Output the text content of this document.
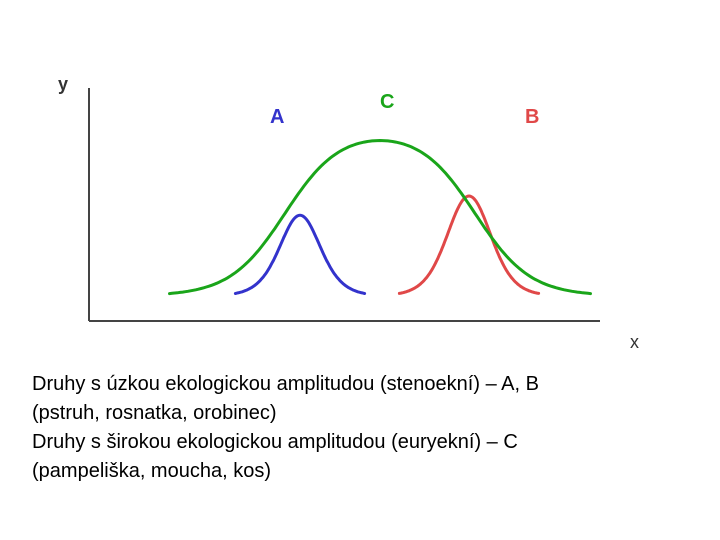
y
x
A	B
C
Druhy s úzkou ekologickou amplitudou (stenoekní) – A, B
(pstruh, rosnatka, orobinec)
Druhy s širokou ekologickou amplitudou (euryekní) – C
(pampeliška, moucha, kos)
